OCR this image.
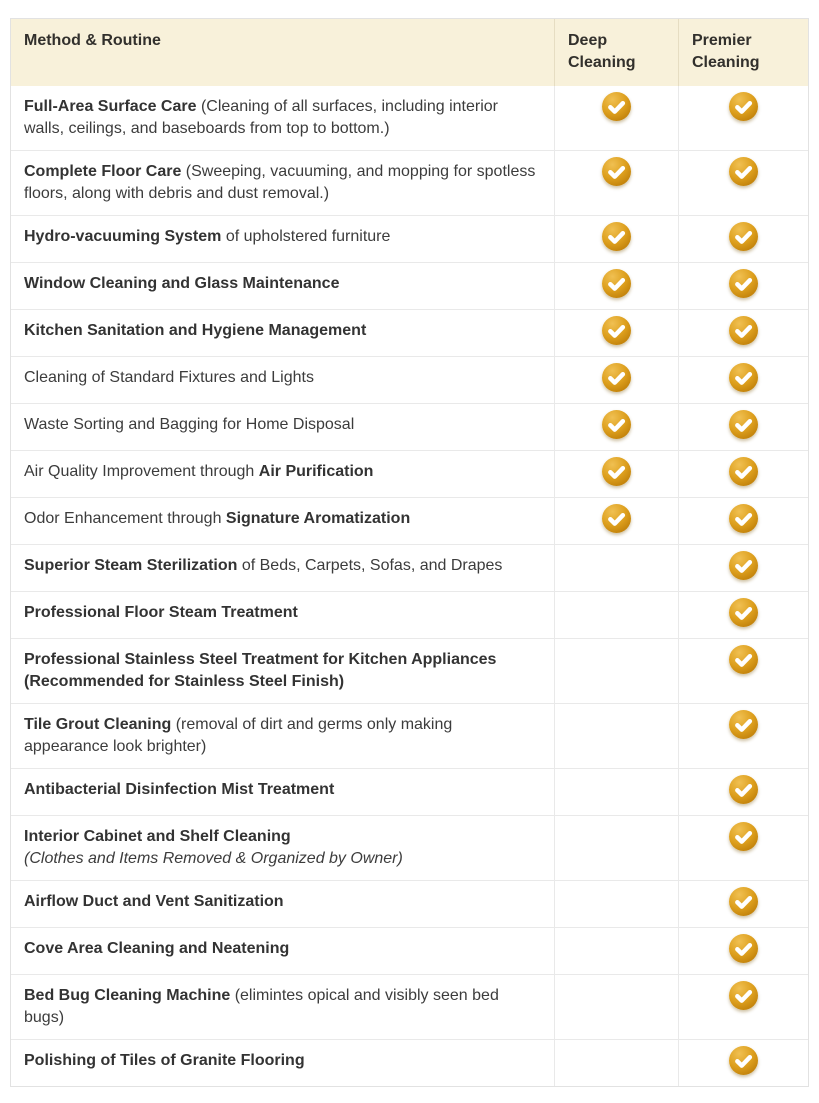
Method & Routine	Deep Cleaning
Premier Cleaning
Full-Area Surface Care (Cleaning of all surfaces, including interior walls, ceilings, and baseboards from top to bottom.)
Complete Floor Care (Sweeping, vacuuming, and mopping for spotless floors, along with debris and dust removal.)
Hydro-vacuuming System of upholstered furniture
Window Cleaning and Glass Maintenance
Kitchen Sanitation and Hygiene Management
Cleaning of Standard Fixtures and Lights
Waste Sorting and Bagging for Home Disposal
Air Quality Improvement through Air Purification
Odor Enhancement through Signature Aromatization
Superior Steam Sterilization of Beds, Carpets, Sofas, and Drapes
Professional Floor Steam Treatment
Professional Stainless Steel Treatment for Kitchen Appliances (Recommended for Stainless Steel Finish)
Tile Grout Cleaning (removal of dirt and germs only making appearance look brighter)
Antibacterial Disinfection Mist Treatment
Interior Cabinet and Shelf Cleaning
(Clothes and Items Removed & Organized by Owner)
Airflow Duct and Vent Sanitization
Cove Area Cleaning and Neatening
Bed Bug Cleaning Machine (elimintes opical and visibly seen bed bugs)
Polishing of Tiles of Granite Flooring
